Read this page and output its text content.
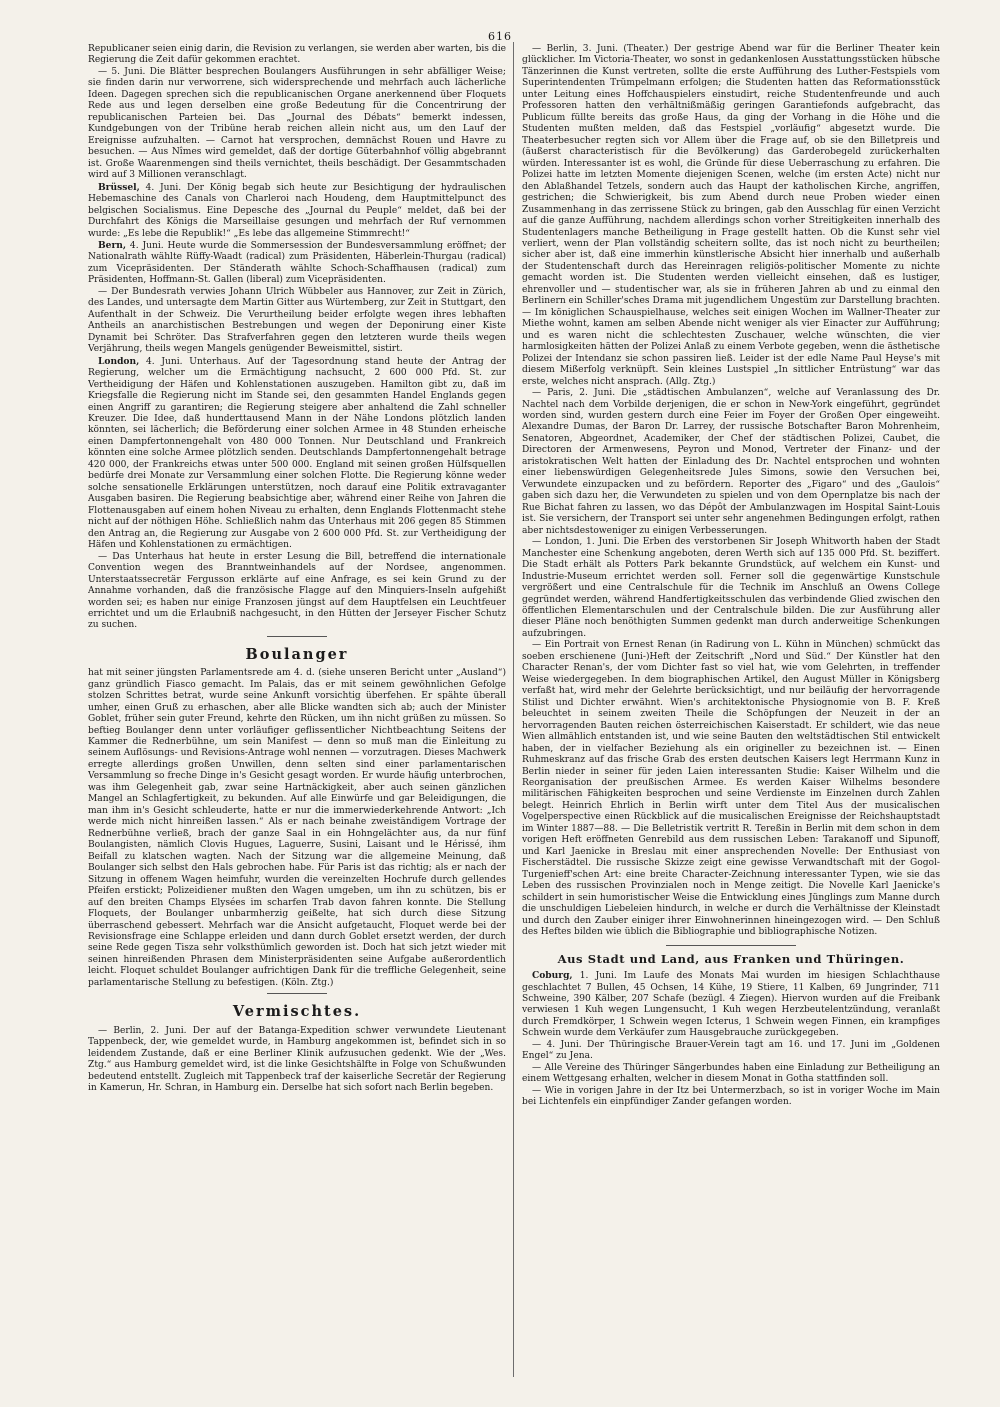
616

Republicaner seien einig darin, die Revision zu verlangen, sie werden aber warten, bis die Regierung die Zeit dafür gekommen erachtet.

— 5. Juni. Die Blätter besprechen Boulangers Ausführungen in sehr abfälliger Weise; sie finden darin nur verworrene, sich widersprechende und mehrfach auch lächerliche Ideen. Dagegen sprechen sich die republicanischen Organe anerkennend über Floquets Rede aus und legen derselben eine große Bedeutung für die Concentrirung der republicanischen Parteien bei. Das „Journal des Débats“ bemerkt indessen, Kundgebungen von der Tribüne herab reichen allein nicht aus, um den Lauf der Ereignisse aufzuhalten. — Carnot hat versprochen, demnächst Rouen und Havre zu besuchen. — Aus Nîmes wird gemeldet, daß der dortige Güterbahnhof völlig abgebrannt ist. Große Waarenmengen sind theils vernichtet, theils beschädigt. Der Gesammtschaden wird auf 3 Millionen veranschlagt.

Brüssel, 4. Juni. Der König begab sich heute zur Besichtigung der hydraulischen Hebemaschine des Canals von Charleroi nach Houdeng, dem Hauptmittelpunct des belgischen Socialismus. Eine Depesche des „Journal du Peuple“ meldet, daß bei der Durchfahrt des Königs die Marseillaise gesungen und mehrfach der Ruf vernommen wurde: „Es lebe die Republik!“ „Es lebe das allgemeine Stimmrecht!“

Bern, 4. Juni. Heute wurde die Sommersession der Bundesversammlung eröffnet; der Nationalrath wählte Rüffy-Waadt (radical) zum Präsidenten, Häberlein-Thurgau (radical) zum Vicepräsidenten. Der Ständerath wählte Schoch-Schaffhausen (radical) zum Präsidenten, Hoffmann-St. Gallen (liberal) zum Vicepräsidenten.

— Der Bundesrath verwies Johann Ulrich Wübbeler aus Hannover, zur Zeit in Zürich, des Landes, und untersagte dem Martin Gitter aus Würtemberg, zur Zeit in Stuttgart, den Aufenthalt in der Schweiz. Die Verurtheilung beider erfolgte wegen ihres lebhaften Antheils an anarchistischen Bestrebungen und wegen der Deponirung einer Kiste Dynamit bei Schröter. Das Strafverfahren gegen den letzteren wurde theils wegen Verjährung, theils wegen Mangels genügender Beweismittel, sistirt.

London, 4. Juni. Unterhaus. Auf der Tagesordnung stand heute der Antrag der Regierung, welcher um die Ermächtigung nachsucht, 2 600 000 Pfd. St. zur Vertheidigung der Häfen und Kohlenstationen auszugeben. Hamilton gibt zu, daß im Kriegsfalle die Regierung nicht im Stande sei, den gesammten Handel Englands gegen einen Angriff zu garantiren; die Regierung steigere aber anhaltend die Zahl schneller Kreuzer. Die Idee, daß hunderttausend Mann in der Nähe Londons plötzlich landen könnten, sei lächerlich; die Beförderung einer solchen Armee in 48 Stunden erheische einen Dampfertonnengehalt von 480 000 Tonnen. Nur Deutschland und Frankreich könnten eine solche Armee plötzlich senden. Deutschlands Dampfertonnengehalt betrage 420 000, der Frankreichs etwas unter 500 000. England mit seinen großen Hülfsquellen bedürfe drei Monate zur Versammlung einer solchen Flotte. Die Regierung könne weder solche sensationelle Erklärungen unterstützen, noch darauf eine Politik extravaganter Ausgaben basiren. Die Regierung beabsichtige aber, während einer Reihe von Jahren die Flottenausgaben auf einem hohen Niveau zu erhalten, denn Englands Flottenmacht stehe nicht auf der nöthigen Höhe. Schließlich nahm das Unterhaus mit 206 gegen 85 Stimmen den Antrag an, die Regierung zur Ausgabe von 2 600 000 Pfd. St. zur Vertheidigung der Häfen und Kohlenstationen zu ermächtigen.

— Das Unterhaus hat heute in erster Lesung die Bill, betreffend die internationale Convention wegen des Branntweinhandels auf der Nordsee, angenommen. Unterstaatssecretär Fergusson erklärte auf eine Anfrage, es sei kein Grund zu der Annahme vorhanden, daß die französische Flagge auf den Minquiers-Inseln aufgehißt worden sei; es haben nur einige Franzosen jüngst auf dem Hauptfelsen ein Leuchtfeuer errichtet und um die Erlaubniß nachgesucht, in den Hütten der Jerseyer Fischer Schutz zu suchen.

Boulanger

hat mit seiner jüngsten Parlamentsrede am 4. d. (siehe unseren Bericht unter „Ausland“) ganz gründlich Fiasco gemacht. Im Palais, das er mit seinem gewöhnlichen Gefolge stolzen Schrittes betrat, wurde seine Ankunft vorsichtig überfehen. Er spähte überall umher, einen Gruß zu erhaschen, aber alle Blicke wandten sich ab; auch der Minister Goblet, früher sein guter Freund, kehrte den Rücken, um ihn nicht grüßen zu müssen. So beftieg Boulanger denn unter vorläufiger geflissentlicher Nichtbeachtung Seitens der Kammer die Rednerbühne, um sein Manifest — denn so muß man die Einleitung zu seinem Auflösungs- und Revisions-Antrage wohl nennen — vorzutragen. Dieses Machwerk erregte allerdings großen Unwillen, denn selten sind einer parlamentarischen Versammlung so freche Dinge in's Gesicht gesagt worden. Er wurde häufig unterbrochen, was ihm Gelegenheit gab, zwar seine Hartnäckigkeit, aber auch seinen gänzlichen Mangel an Schlagfertigkeit, zu bekunden. Auf alle Einwürfe und gar Beleidigungen, die man ihm in's Gesicht schleuderte, hatte er nur die immerwiederkehrende Antwort: „Ich werde mich nicht hinreißen lassen.“ Als er nach beinahe zweiständigem Vortrage der Rednerbühne verließ, brach der ganze Saal in ein Hohngelächter aus, da nur fünf Boulangisten, nämlich Clovis Hugues, Laguerre, Susini, Laisant und le Hérissé, ihm Beifall zu klatschen wagten. Nach der Sitzung war die allgemeine Meinung, daß Boulanger sich selbst den Hals gebrochen habe. Für Paris ist das richtig; als er nach der Sitzung in offenem Wagen heimfuhr, wurden die vereinzelten Hochrufe durch gellendes Pfeifen erstickt; Polizeidiener mußten den Wagen umgeben, um ihn zu schützen, bis er auf den breiten Champs Elysées im scharfen Trab davon fahren konnte. Die Stellung Floquets, der Boulanger unbarmherzig geißelte, hat sich durch diese Sitzung überraschend gebessert. Mehrfach war die Ansicht aufgetaucht, Floquet werde bei der Revisionsfrage eine Schlappe erleiden und dann durch Goblet ersetzt werden, der durch seine Rede gegen Tisza sehr volksthümlich geworden ist. Doch hat sich jetzt wieder mit seinen hinreißenden Phrasen dem Ministerpräsidenten seine Aufgabe außerordentlich leicht. Floquet schuldet Boulanger aufrichtigen Dank für die treffliche Gelegenheit, seine parlamentarische Stellung zu befestigen. (Köln. Ztg.)

Vermischtes.

— Berlin, 2. Juni. Der auf der Batanga-Expedition schwer verwundete Lieutenant Tappenbeck, der, wie gemeldet wurde, in Hamburg angekommen ist, befindet sich in so leidendem Zustande, daß er eine Berliner Klinik aufzusuchen gedenkt. Wie der „Wes. Ztg.“ aus Hamburg gemeldet wird, ist die linke Gesichtshälfte in Folge von Schußwunden bedeutend entstellt. Zugleich mit Tappenbeck traf der kaiserliche Secretär der Regierung in Kamerun, Hr. Schran, in Hamburg ein. Derselbe hat sich sofort nach Berlin begeben.

— Berlin, 3. Juni. (Theater.) Der gestrige Abend war für die Berliner Theater kein glücklicher. Im Victoria-Theater, wo sonst in gedankenlosen Ausstattungsstücken hübsche Tänzerinnen die Kunst vertreten, sollte die erste Aufführung des Luther-Festspiels vom Superintendenten Trümpelmann erfolgen; die Studenten hatten das Reformationsstück unter Leitung eines Hoffchauspielers einstudirt, reiche Studentenfreunde und auch Professoren hatten den verhältnißmäßig geringen Garantiefonds aufgebracht, das Publicum füllte bereits das große Haus, da ging der Vorhang in die Höhe und die Studenten mußten melden, daß das Festspiel „vorläufig“ abgesetzt wurde. Die Theaterbesucher regten sich vor Allem über die Frage auf, ob sie den Billetpreis und (äußerst characteristisch für die Bevölkerung) das Garderobegeld zurückerhalten würden. Interessanter ist es wohl, die Gründe für diese Ueberraschung zu erfahren. Die Polizei hatte im letzten Momente diejenigen Scenen, welche (im ersten Acte) nicht nur den Ablaßhandel Tetzels, sondern auch das Haupt der katholischen Kirche, angriffen, gestrichen; die Schwierigkeit, bis zum Abend durch neue Proben wieder einen Zusammenhang in das zerrissene Stück zu bringen, gab den Ausschlag für einen Verzicht auf die ganze Aufführung, nachdem allerdings schon vorher Streitigkeiten innerhalb des Studentenlagers manche Betheiligung in Frage gestellt hatten. Ob die Kunst sehr viel verliert, wenn der Plan vollständig scheitern sollte, das ist noch nicht zu beurtheilen; sicher aber ist, daß eine immerhin künstlerische Absicht hier innerhalb und außerhalb der Studentenschaft durch das Hereinragen religiös-politischer Momente zu nichte gemacht worden ist. Die Studenten werden vielleicht einsehen, daß es lustiger, ehrenvoller und — studentischer war, als sie in früheren Jahren ab und zu einmal den Berlinern ein Schiller'sches Drama mit jugendlichem Ungestüm zur Darstellung brachten. — Im königlichen Schauspielhause, welches seit einigen Wochen im Wallner-Theater zur Miethe wohnt, kamen am selben Abende nicht weniger als vier Einacter zur Aufführung; und es waren nicht die schlechtesten Zuschauer, welche wünschten, die vier harmlosigkeiten hätten der Polizei Anlaß zu einem Verbote gegeben, wenn die ästhetische Polizei der Intendanz sie schon passiren ließ. Leider ist der edle Name Paul Heyse's mit diesem Mißerfolg verknüpft. Sein kleines Lustspiel „In sittlicher Entrüstung“ war das erste, welches nicht ansprach. (Allg. Ztg.)

— Paris, 2. Juni. Die „städtischen Ambulanzen“, welche auf Veranlassung des Dr. Nachtel nach dem Vorbilde derjenigen, die er schon in New-York eingeführt, gegründet worden sind, wurden gestern durch eine Feier im Foyer der Großen Oper eingeweiht. Alexandre Dumas, der Baron Dr. Larrey, der russische Botschafter Baron Mohrenheim, Senatoren, Abgeordnet, Academiker, der Chef der städtischen Polizei, Caubet, die Directoren der Armenwesens, Peyron und Monod, Vertreter der Finanz- und der aristokratischen Welt hatten der Einladung des Dr. Nachtel entsprochen und wohnten einer liebenswürdigen Gelegenheitsrede Jules Simons, sowie den Versuchen bei, Verwundete einzupacken und zu befördern. Reporter des „Figaro“ und des „Gaulois“ gaben sich dazu her, die Verwundeten zu spielen und von dem Opernplatze bis nach der Rue Bichat fahren zu lassen, wo das Dépôt der Ambulanzwagen im Hospital Saint-Louis ist. Sie versichern, der Transport sei unter sehr angenehmen Bedingungen erfolgt, rathen aber nichtsdestoweniger zu einigen Verbesserungen.

— London, 1. Juni. Die Erben des verstorbenen Sir Joseph Whitworth haben der Stadt Manchester eine Schenkung angeboten, deren Werth sich auf 135 000 Pfd. St. beziffert. Die Stadt erhält als Potters Park bekannte Grundstück, auf welchem ein Kunst- und Industrie-Museum errichtet werden soll. Ferner soll die gegenwärtige Kunstschule vergrößert und eine Centralschule für die Technik im Anschluß an Owens College gegründet werden, während Handfertigkeitsschulen das verbindende Glied zwischen den öffentlichen Elementarschulen und der Centralschule bilden. Die zur Ausführung aller dieser Pläne noch benöthigten Summen gedenkt man durch anderweitige Schenkungen aufzubringen.

— Ein Portrait von Ernest Renan (in Radirung von L. Kühn in München) schmückt das soeben erschienene (Juni-)Heft der Zeitschrift „Nord und Süd.“ Der Künstler hat den Character Renan's, der vom Dichter fast so viel hat, wie vom Gelehrten, in treffender Weise wiedergegeben. In dem biographischen Artikel, den August Müller in Königsberg verfaßt hat, wird mehr der Gelehrte berücksichtigt, und nur beiläufig der hervorragende Stilist und Dichter erwähnt. Wien's architektonische Physiognomie von B. F. Kreß beleuchtet in seinem zweiten Theile die Schöpfungen der Neuzeit in der an hervorragenden Bauten reichen österreichischen Kaiserstadt. Er schildert, wie das neue Wien allmählich entstanden ist, und wie seine Bauten den weltstädtischen Stil entwickelt haben, der in vielfacher Beziehung als ein origineller zu bezeichnen ist. — Einen Ruhmeskranz auf das frische Grab des ersten deutschen Kaisers legt Herrmann Kunz in Berlin nieder in seiner für jeden Laien interessanten Studie: Kaiser Wilhelm und die Reorganisation der preußischen Armee. Es werden Kaiser Wilhelms besondere militärischen Fähigkeiten besprochen und seine Verdienste im Einzelnen durch Zahlen belegt. Heinrich Ehrlich in Berlin wirft unter dem Titel Aus der musicalischen Vogelperspective einen Rückblick auf die musicalischen Ereignisse der Reichshauptstadt im Winter 1887—88. — Die Belletristik vertritt R. Tereßin in Berlin mit dem schon in dem vorigen Heft eröffneten Genrebild aus dem russischen Leben: Tarakanoff und Sipunoff, und Karl Jaenicke in Breslau mit einer ansprechenden Novelle: Der Enthusiast von Fischerstädtel. Die russische Skizze zeigt eine gewisse Verwandtschaft mit der Gogol-Turgenieff'schen Art: eine breite Character-Zeichnung interessanter Typen, wie sie das Leben des russischen Provinzialen noch in Menge zeitigt. Die Novelle Karl Jaenicke's schildert in sein humoristischer Weise die Entwicklung eines Jünglings zum Manne durch die unschuldigen Liebeleien hindurch, in welche er durch die Verhältnisse der Kleinstadt und durch den Zauber einiger ihrer Einwohnerinnen hineingezogen wird. — Den Schluß des Heftes bilden wie üblich die Bibliographie und bibliographische Notizen.

Aus Stadt und Land, aus Franken und Thüringen.

Coburg, 1. Juni. Im Laufe des Monats Mai wurden im hiesigen Schlachthause geschlachtet 7 Bullen, 45 Ochsen, 14 Kühe, 19 Stiere, 11 Kalben, 69 Jungrinder, 711 Schweine, 390 Kälber, 207 Schafe (bezügl. 4 Ziegen). Hiervon wurden auf die Freibank verwiesen 1 Kuh wegen Lungensucht, 1 Kuh wegen Herzbeutelentzündung, veranlaßt durch Fremdkörper, 1 Schwein wegen Icterus, 1 Schwein wegen Finnen, ein krampfiges Schwein wurde dem Verkäufer zum Hausgebrauche zurückgegeben.

— 4. Juni. Der Thüringische Brauer-Verein tagt am 16. und 17. Juni im „Goldenen Engel“ zu Jena.

— Alle Vereine des Thüringer Sängerbundes haben eine Einladung zur Betheiligung an einem Wettgesang erhalten, welcher in diesem Monat in Gotha stattfinden soll.

— Wie in vorigen Jahre in der Itz bei Untermerzbach, so ist in voriger Woche im Main bei Lichtenfels ein einpfündiger Zander gefangen worden.
